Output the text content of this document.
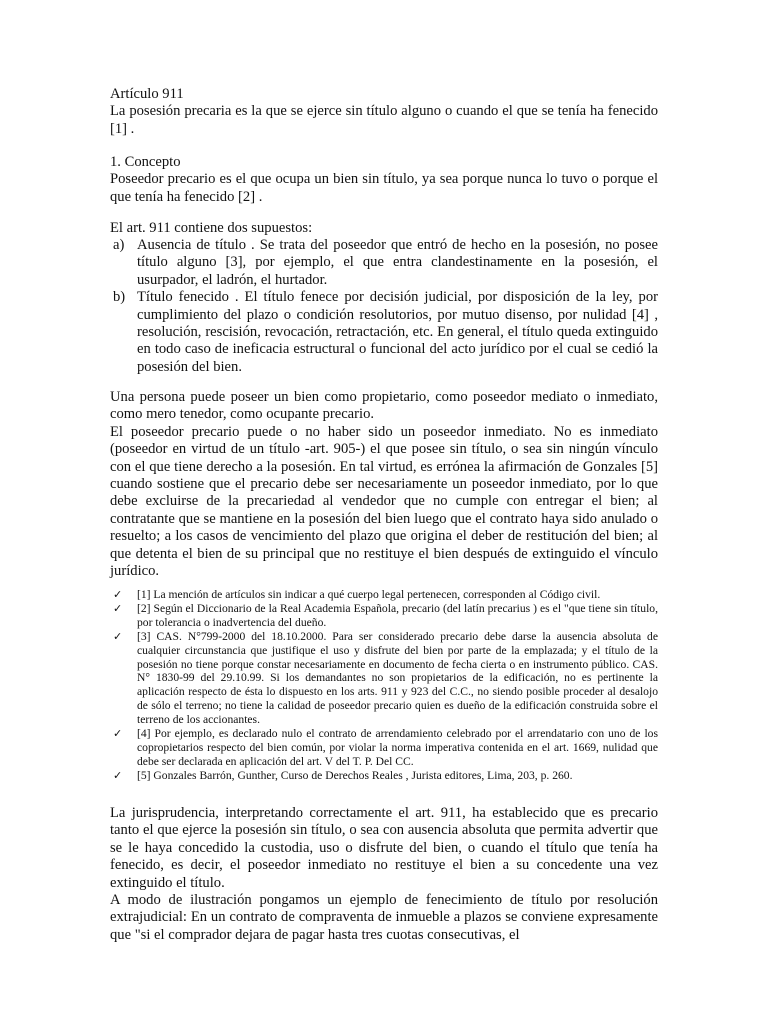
Artículo 911

La posesión precaria es la que se ejerce sin título alguno o cuando el que se tenía ha fenecido [1] .

1. Concepto

Poseedor precario es el que ocupa un bien sin título, ya sea porque nunca lo tuvo o porque el que tenía ha fenecido [2] .

El art. 911 contiene dos supuestos:
a) Ausencia de título . Se trata del poseedor que entró de hecho en la posesión, no posee título alguno [3], por ejemplo, el que entra clandestinamente en la posesión, el usurpador, el ladrón, el hurtador.
b) Título fenecido . El título fenece por decisión judicial, por disposición de la ley, por cumplimiento del plazo o condición resolutorios, por mutuo disenso, por nulidad [4] , resolución, rescisión, revocación, retractación, etc. En general, el título queda extinguido en todo caso de ineficacia estructural o funcional del acto jurídico por el cual se cedió la posesión del bien.

Una persona puede poseer un bien como propietario, como poseedor mediato o inmediato, como mero tenedor, como ocupante precario.

El poseedor precario puede o no haber sido un poseedor inmediato. No es inmediato (poseedor en virtud de un título -art. 905-) el que posee sin título, o sea sin ningún vínculo con el que tiene derecho a la posesión. En tal virtud, es errónea la afirmación de Gonzales [5] cuando sostiene que el precario debe ser necesariamente un poseedor inmediato, por lo que debe excluirse de la precariedad al vendedor que no cumple con entregar el bien; al contratante que se mantiene en la posesión del bien luego que el contrato haya sido anulado o resuelto; a los casos de vencimiento del plazo que origina el deber de restitución del bien; al que detenta el bien de su principal que no restituye el bien después de extinguido el vínculo jurídico.

✓ [1] La mención de artículos sin indicar a qué cuerpo legal pertenecen, corresponden al Código civil.
✓ [2] Según el Diccionario de la Real Academia Española, precario (del latín precarius ) es el "que tiene sin título, por tolerancia o inadvertencia del dueño.
✓ [3] CAS. N°799-2000 del 18.10.2000. Para ser considerado precario debe darse la ausencia absoluta de cualquier circunstancia que justifique el uso y disfrute del bien por parte de la emplazada; y el título de la posesión no tiene porque constar necesariamente en documento de fecha cierta o en instrumento público. CAS. N° 1830-99 del 29.10.99. Si los demandantes no son propietarios de la edificación, no es pertinente la aplicación respecto de ésta lo dispuesto en los arts. 911 y 923 del C.C., no siendo posible proceder al desalojo de sólo el terreno; no tiene la calidad de poseedor precario quien es dueño de la edificación construida sobre el terreno de los accionantes.
✓ [4] Por ejemplo, es declarado nulo el contrato de arrendamiento celebrado por el arrendatario con uno de los copropietarios respecto del bien común, por violar la norma imperativa contenida en el art. 1669, nulidad que debe ser declarada en aplicación del art. V del T. P. Del CC.
✓ [5] Gonzales Barrón, Gunther, Curso de Derechos Reales , Jurista editores, Lima, 203, p. 260.

La jurisprudencia, interpretando correctamente el art. 911, ha establecido que es precario tanto el que ejerce la posesión sin título, o sea con ausencia absoluta que permita advertir que se le haya concedido la custodia, uso o disfrute del bien, o cuando el título que tenía ha fenecido, es decir, el poseedor inmediato no restituye el bien a su concedente una vez extinguido el título.

A modo de ilustración pongamos un ejemplo de fenecimiento de título por resolución extrajudicial: En un contrato de compraventa de inmueble a plazos se conviene expresamente que "si el comprador dejara de pagar hasta tres cuotas consecutivas, el
